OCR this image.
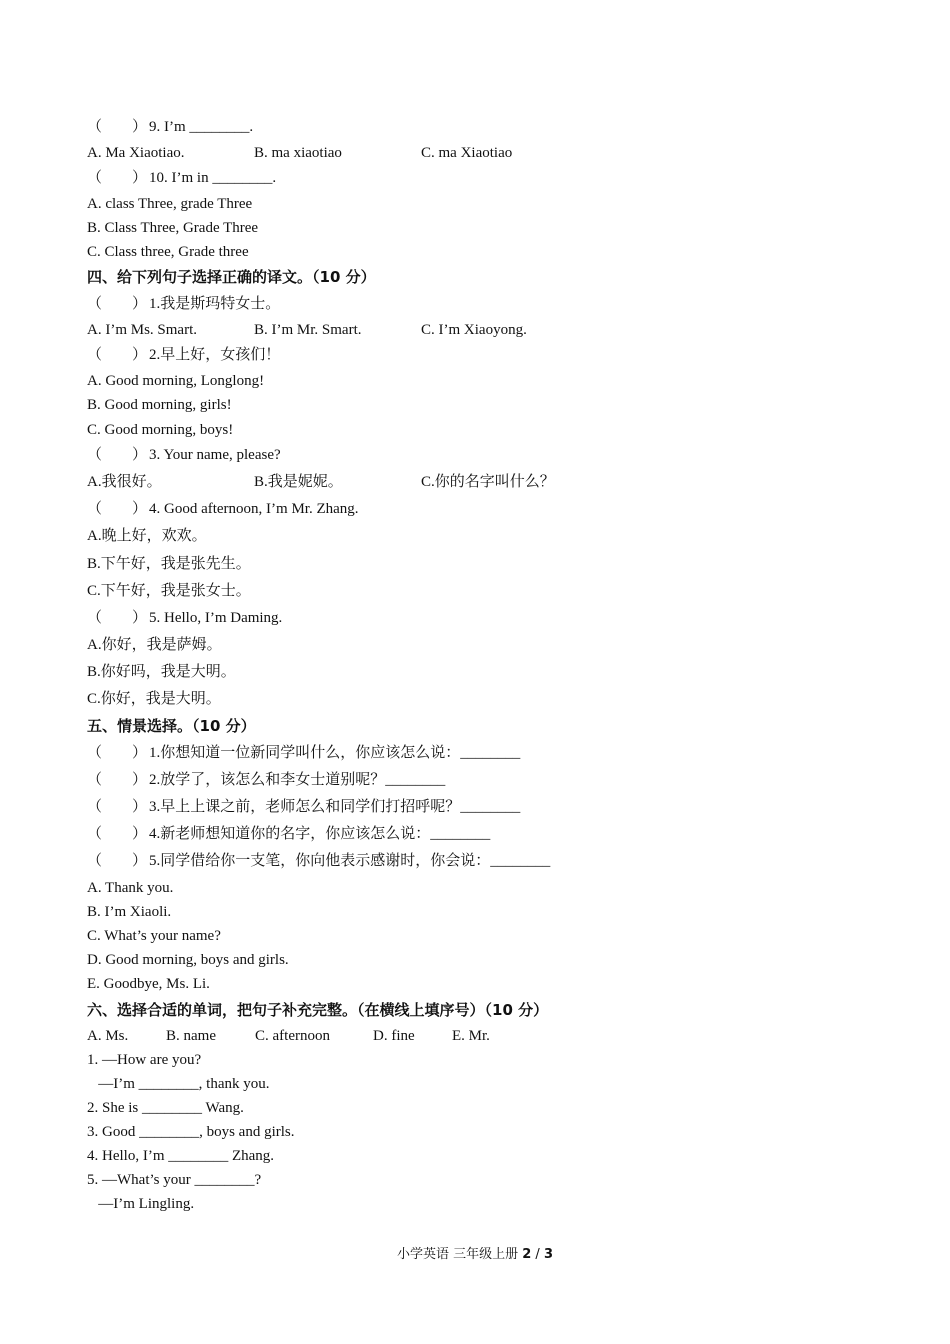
（        ） 9. I’m ________.
A. Ma Xiaotiao.	B. ma xiaotiao	C. ma Xiaotiao
（        ） 10. I’m in ________.
A. class Three, grade Three
B. Class Three, Grade Three
C. Class three, Grade three
四、给下列句子选择正确的译文。（10 分）
（        ） 1.我是斯玛特女士。
A. I’m Ms. Smart.	B. I’m Mr. Smart.	C. I’m Xiaoyong.
（        ） 2.早上好，女孩们！
A. Good morning, Longlong!
B. Good morning, girls!
C. Good morning, boys!
（        ） 3. Your name, please?
A.我很好。	B.我是妮妮。	C.你的名字叫什么？
（        ） 4. Good afternoon, I’m Mr. Zhang.
A.晚上好，欢欢。
B.下午好，我是张先生。
C.下午好，我是张女士。
（        ） 5. Hello, I’m Daming.
A.你好，我是萨姆。
B.你好吗，我是大明。
C.你好，我是大明。
五、情景选择。（10 分）
（        ） 1.你想知道一位新同学叫什么，你应该怎么说：________
（        ） 2.放学了，该怎么和李女士道别呢？________
（        ） 3.早上上课之前，老师怎么和同学们打招呼呢？________
（        ） 4.新老师想知道你的名字，你应该怎么说：________
（        ） 5.同学借给你一支笔，你向他表示感谢时，你会说：________
A. Thank you.
B. I’m Xiaoli.
C. What’s your name?
D. Good morning, boys and girls.
E. Goodbye, Ms. Li.
六、选择合适的单词，把句子补充完整。（在横线上填序号）（10 分）
A. Ms.	B. name	C. afternoon	D. fine E. Mr.
1. —How are you?
—I’m ________, thank you.
2. She is ________ Wang.
3. Good ________, boys and girls.
4. Hello, I’m ________ Zhang.
5. —What’s your ________?
—I’m Lingling.
小学英语 三年级上册 2 / 3
